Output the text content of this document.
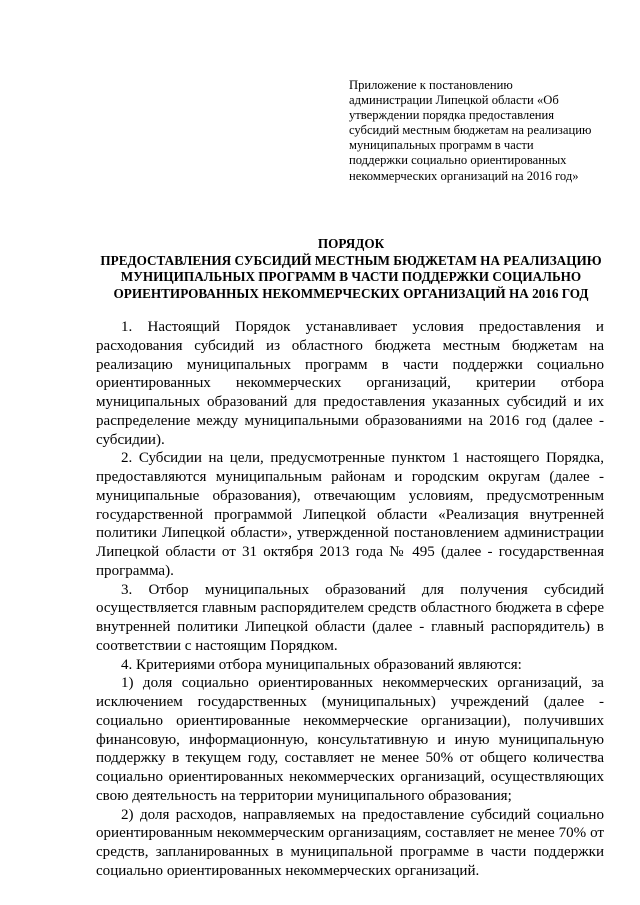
Приложение к постановлению
администрации Липецкой области «Об
утверждении порядка предоставления
субсидий местным бюджетам на реализацию
муниципальных программ в части
поддержки социально ориентированных
некоммерческих организаций на 2016 год»
ПОРЯДОК
ПРЕДОСТАВЛЕНИЯ СУБСИДИЙ МЕСТНЫМ БЮДЖЕТАМ НА РЕАЛИЗАЦИЮ
МУНИЦИПАЛЬНЫХ ПРОГРАММ В ЧАСТИ ПОДДЕРЖКИ СОЦИАЛЬНО
ОРИЕНТИРОВАННЫХ НЕКОММЕРЧЕСКИХ ОРГАНИЗАЦИЙ НА 2016 ГОД

1. Настоящий Порядок устанавливает условия предоставления и расходования субсидий из областного бюджета местным бюджетам на реализацию муниципальных программ в части поддержки социально ориентированных некоммерческих организаций, критерии отбора муниципальных образований для предоставления указанных субсидий и их распределение между муниципальными образованиями на 2016 год (далее - субсидии).

2. Субсидии на цели, предусмотренные пунктом 1 настоящего Порядка, предоставляются муниципальным районам и городским округам (далее - муниципальные образования), отвечающим условиям, предусмотренным государственной программой Липецкой области «Реализация внутренней политики Липецкой области», утвержденной постановлением администрации Липецкой области от 31 октября 2013 года № 495 (далее - государственная программа).

3. Отбор муниципальных образований для получения субсидий осуществляется главным распорядителем средств областного бюджета в сфере внутренней политики Липецкой области (далее - главный распорядитель) в соответствии с настоящим Порядком.

4. Критериями отбора муниципальных образований являются:

1) доля социально ориентированных некоммерческих организаций, за исключением государственных (муниципальных) учреждений (далее - социально ориентированные некоммерческие организации), получивших финансовую, информационную, консультативную и иную муниципальную поддержку в текущем году, составляет не менее 50% от общего количества социально ориентированных некоммерческих организаций, осуществляющих свою деятельность на территории муниципального образования;

2) доля расходов, направляемых на предоставление субсидий социально ориентированным некоммерческим организациям, составляет не менее 70% от средств, запланированных в муниципальной программе в части поддержки социально ориентированных некоммерческих организаций.
